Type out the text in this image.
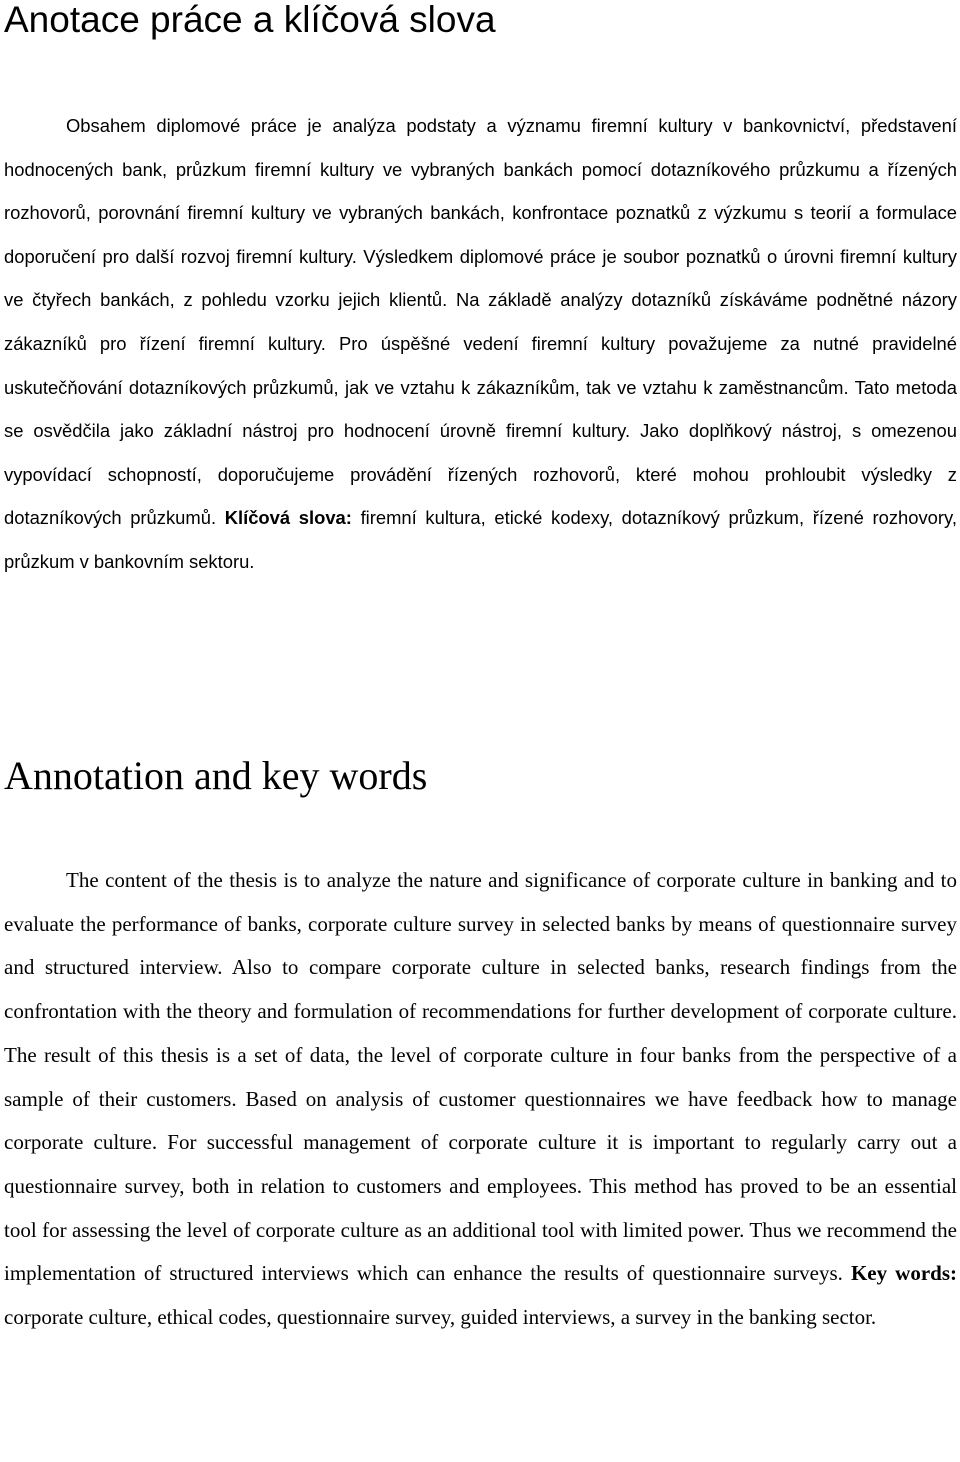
Anotace práce a klíčová slova

Obsahem diplomové práce je analýza podstaty a významu firemní kultury v bankovnictví, představení hodnocených bank, průzkum firemní kultury ve vybraných bankách pomocí dotazníkového průzkumu a řízených rozhovorů, porovnání firemní kultury ve vybraných bankách, konfrontace poznatků z výzkumu s teorií a formulace doporučení pro další rozvoj firemní kultury. Výsledkem diplomové práce je soubor poznatků o úrovni firemní kultury ve čtyřech bankách, z pohledu vzorku jejich klientů. Na základě analýzy dotazníků získáváme podnětné názory zákazníků pro řízení firemní kultury. Pro úspěšné vedení firemní kultury považujeme za nutné pravidelné uskutečňování dotazníkových průzkumů, jak ve vztahu k zákazníkům, tak ve vztahu k zaměstnancům. Tato metoda se osvědčila jako základní nástroj pro hodnocení úrovně firemní kultury. Jako doplňkový nástroj, s omezenou vypovídací schopností, doporučujeme provádění řízených rozhovorů, které mohou prohloubit výsledky z dotazníkových průzkumů. Klíčová slova: firemní kultura, etické kodexy, dotazníkový průzkum, řízené rozhovory, průzkum v bankovním sektoru.

Annotation and key words

The content of the thesis is to analyze the nature and significance of corporate culture in banking and to evaluate the performance of banks, corporate culture survey in selected banks by means of questionnaire survey and structured interview. Also to compare corporate culture in selected banks, research findings from the confrontation with the theory and formulation of recommendations for further development of corporate culture. The result of this thesis is a set of data, the level of corporate culture in four banks from the perspective of a sample of their customers. Based on analysis of customer questionnaires we have feedback how to manage corporate culture. For successful management of corporate culture it is important to regularly carry out a questionnaire survey, both in relation to customers and employees. This method has proved to be an essential tool for assessing the level of corporate culture as an additional tool with limited power. Thus we recommend the implementation of structured interviews which can enhance the results of questionnaire surveys. Key words: corporate culture, ethical codes, questionnaire survey, guided interviews, a survey in the banking sector.
